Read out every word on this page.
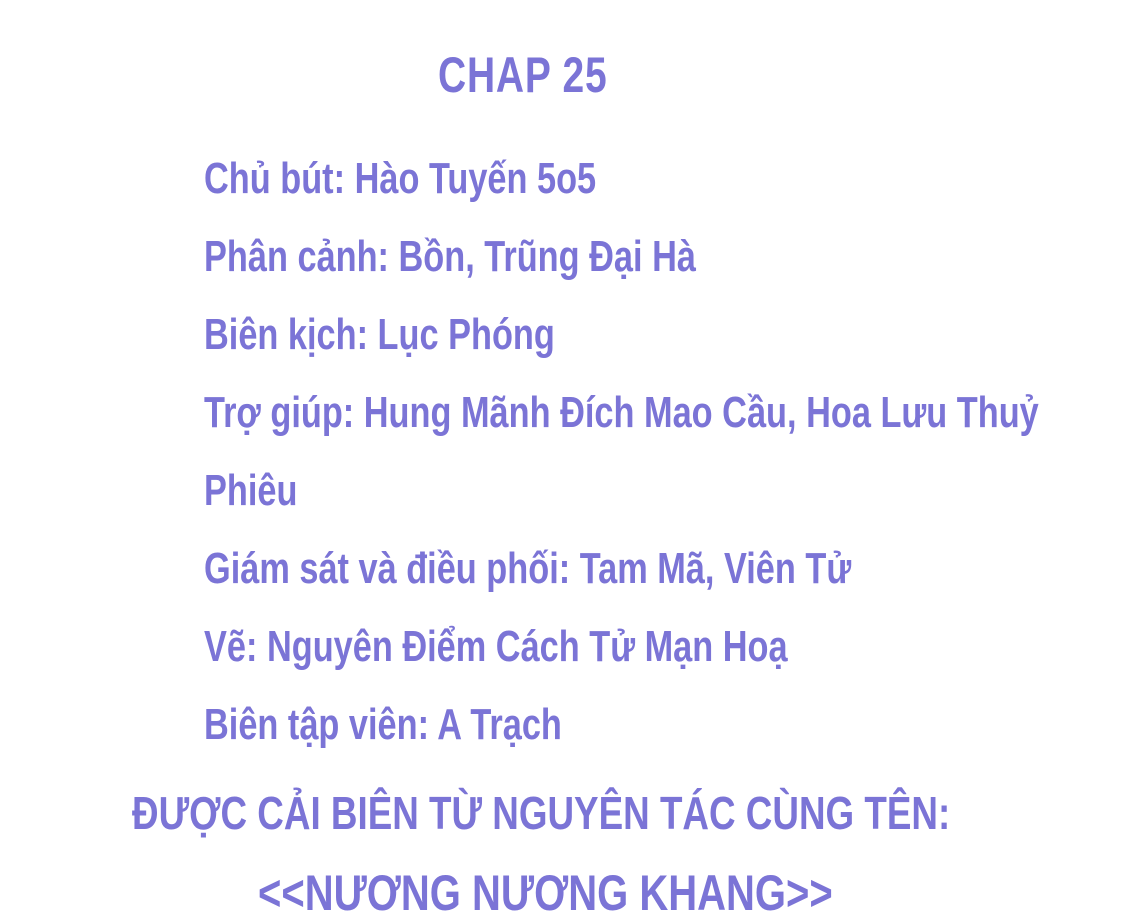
CHAP 25
Chủ bút: Hào Tuyến 5o5
Phân cảnh: Bồn, Trũng Đại Hà
Biên kịch: Lục Phóng
Trợ giúp: Hung Mãnh Đích Mao Cầu, Hoa Lưu Thuỷ
Phiêu
Giám sát và điều phối: Tam Mã, Viên Tử
Vẽ: Nguyên Điểm Cách Tử Mạn Hoạ
Biên tập viên: A Trạch
ĐƯỢC CẢI BIÊN TỪ NGUYÊN TÁC CÙNG TÊN:
<<NƯƠNG NƯƠNG KHANG>>
